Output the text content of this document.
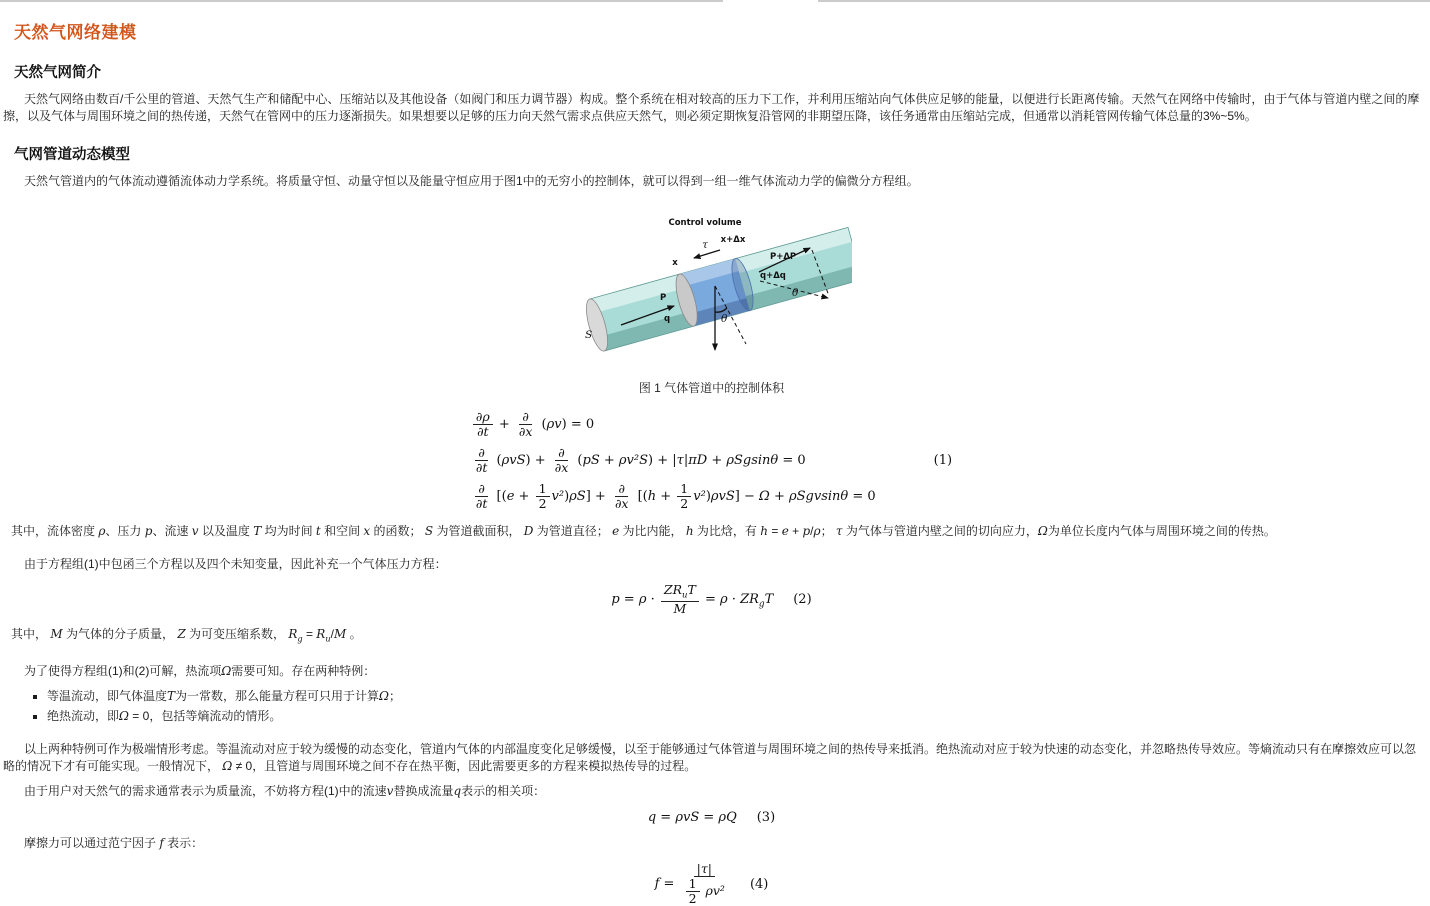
天然气网络建模
天然气网简介

天然气网络由数百/千公里的管道、天然气生产和储配中心、压缩站以及其他设备（如阀门和压力调节器）构成。整个系统在相对较高的压力下工作，并利用压缩站向气体供应足够的能量，以便进行长距离传输。天然气在网络中传输时，由于气体与管道内壁之间的摩擦，以及气体与周围环境之间的热传递，天然气在管网中的压力逐渐损失。如果想要以足够的压力向天然气需求点供应天然气，则必须定期恢复沿管网的非期望压降，该任务通常由压缩站完成，但通常以消耗管网传输气体总量的3%~5%。

气网管道动态模型

天然气管道内的气体流动遵循流体动力学系统。将质量守恒、动量守恒以及能量守恒应用于图1中的无穷小的控制体，就可以得到一组一维气体流动力学的偏微分方程组。

Control volume
τ
x
x+Δx
P+ΔP
q+Δq
θ
θ
P
q
S
图 1 气体管道中的控制体积
$\frac{\partial\rho}{\partial t} + \frac{\partial}{\partial x} (\rho v) = 0$
$\frac{\partial}{\partial t} (\rho vS) + \frac{\partial}{\partial x} (pS + \rho v^2S) + |\tau|\pi D + \rho Sgsin\theta = 0$
$\frac{\partial}{\partial t} [(e + \frac{1}{2} v^2)\rho S] + \frac{\partial}{\partial x} [(h + \frac{1}{2} v^2)\rho vS] - \Omega + \rho Sgvsin\theta = 0$
(1)

其中，流体密度 ρ、压力 p、流速 v 以及温度 T 均为时间 t 和空间 x 的函数； S 为管道截面积， D 为管道直径； e 为比内能， h 为比焓，有 h = e + p/ρ； τ 为气体与管道内壁之间的切向应力，Ω为单位长度内气体与周围环境之间的传热。

由于方程组(1)中包函三个方程以及四个未知变量，因此补充一个气体压力方程：

$p = \rho \cdot \frac{ZR_uT}{M} = \rho \cdot ZR_gT$ (2)

其中， M 为气体的分子质量， Z 为可变压缩系数， $R_g = R_u/M$ 。

为了使得方程组(1)和(2)可解，热流项Ω需要可知。存在两种特例：

▪ 等温流动，即气体温度T为一常数，那么能量方程可只用于计算Ω；
▪ 绝热流动，即Ω = 0，包括等熵流动的情形。

以上两种特例可作为极端情形考虑。等温流动对应于较为缓慢的动态变化，管道内气体的内部温度变化足够缓慢，以至于能够通过气体管道与周围环境之间的热传导来抵消。绝热流动对应于较为快速的动态变化，并忽略热传导效应。等熵流动只有在摩擦效应可以忽略的情况下才有可能实现。一般情况下， Ω ≠ 0，且管道与周围环境之间不存在热平衡，因此需要更多的方程来模拟热传导的过程。

由于用户对天然气的需求通常表示为质量流，不妨将方程(1)中的流速v替换成流量q表示的相关项：

q = ρvS = ρQ (3)

摩擦力可以通过范宁因子 f 表示：

$f = \frac{|\tau|}{\frac{1}{2} \rho v^2} (4)$
